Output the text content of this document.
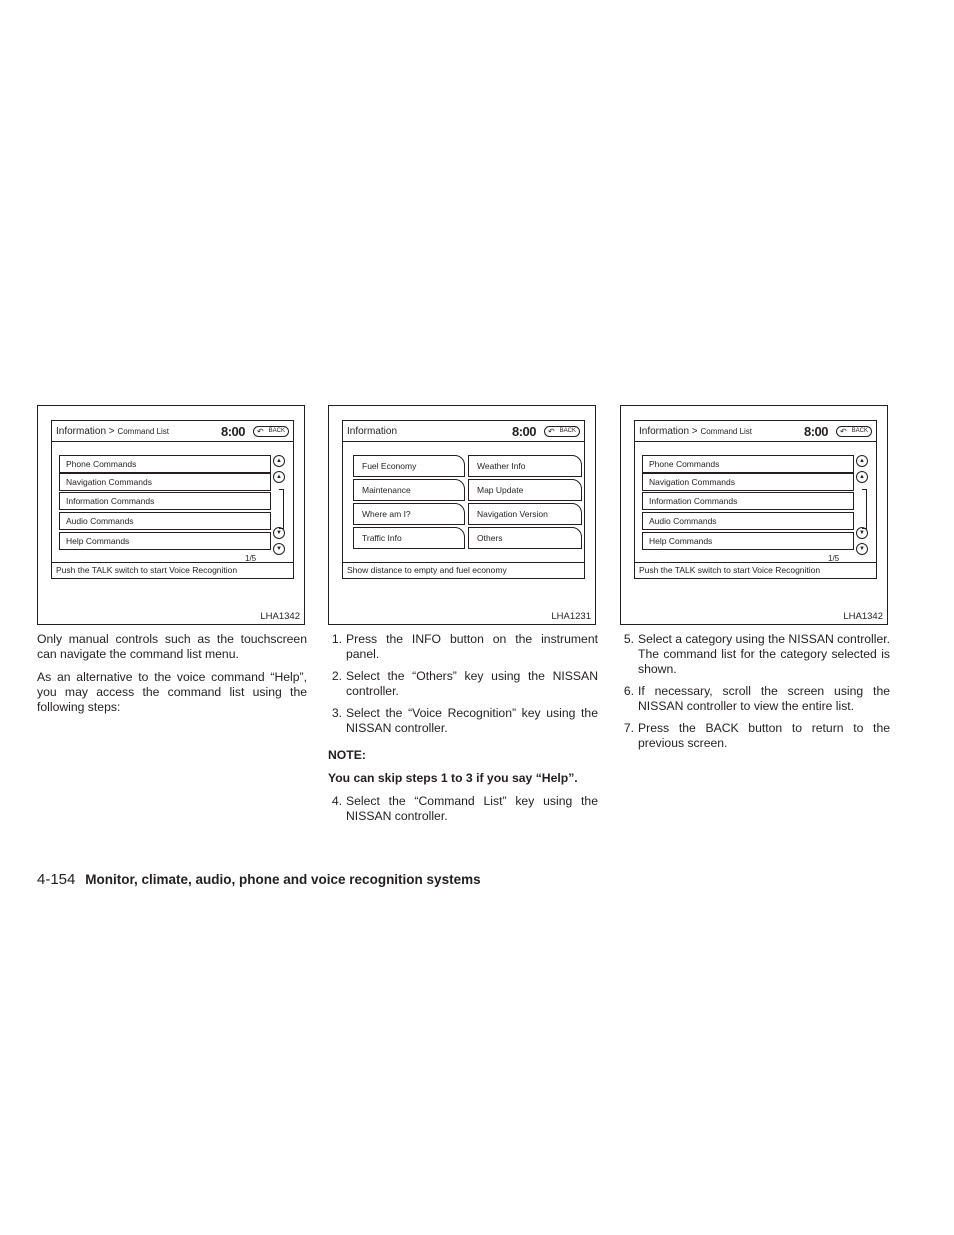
Information > Command List	8:00 ↶ BACK
Phone Commands
Navigation Commands
Information Commands
Audio Commands
Help Commands
▲
▲
▼
▼
1/5
Push the TALK switch to start Voice Recognition
LHA1342
Information	8:00 ↶ BACK
Fuel Economy
Maintenance
Where am I?
Traffic Info
Weather Info
Map Update
Navigation Version
Others
Show distance to empty and fuel economy
LHA1231
Information > Command List	8:00 ↶ BACK
Phone Commands
Navigation Commands
Information Commands
Audio Commands
Help Commands
▲
▲
▼
▼
1/5
Push the TALK switch to start Voice Recognition
LHA1342

Only manual controls such as the touchscreen can navigate the command list menu.

As an alternative to the voice command “Help”, you may access the command list using the following steps:

1. Press the INFO button on the instrument panel.
2. Select the “Others” key using the NISSAN controller.
3. Select the “Voice Recognition” key using the NISSAN controller.
NOTE:
You can skip steps 1 to 3 if you say “Help”.
4. Select the “Command List” key using the NISSAN controller.
5. Select a category using the NISSAN controller. The command list for the category selected is shown.
6. If necessary, scroll the screen using the NISSAN controller to view the entire list.
7. Press the BACK button to return to the previous screen.
4-154 Monitor, climate, audio, phone and voice recognition systems
